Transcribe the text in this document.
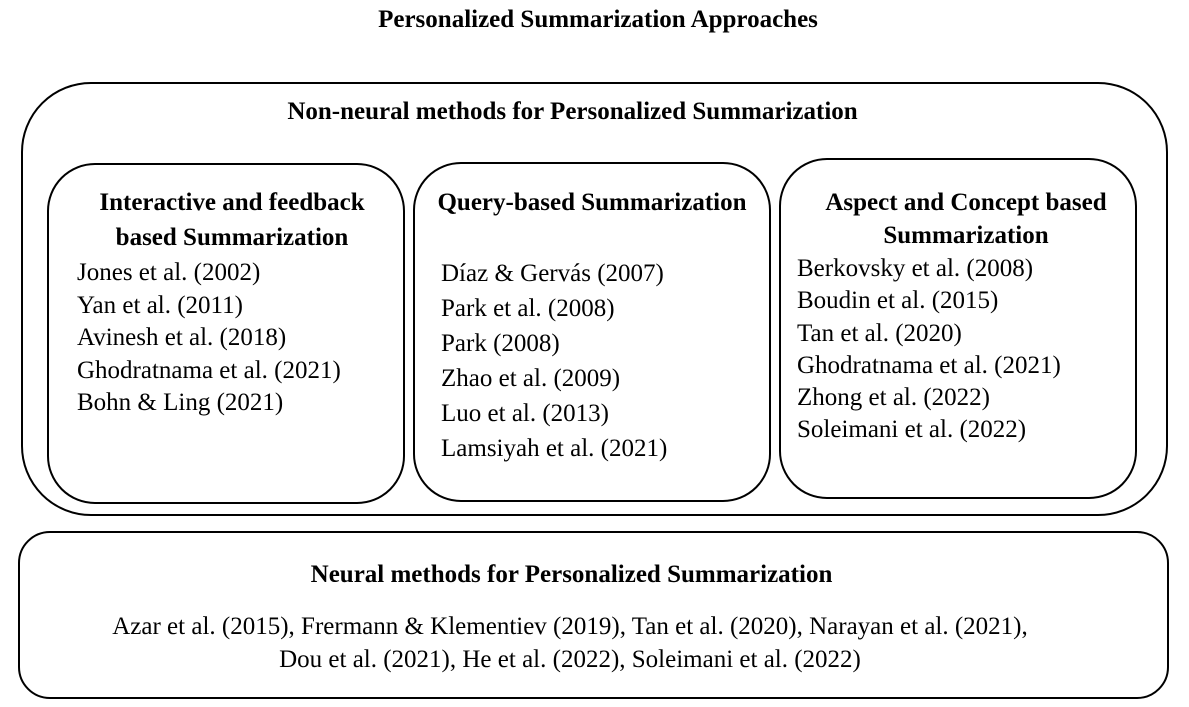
Personalized Summarization Approaches
Non-neural methods for Personalized Summarization
Interactive and feedback based Summarization
Jones et al. (2002)
Yan et al. (2011)
Avinesh et al. (2018)
Ghodratnama et al. (2021)
Bohn & Ling (2021)
Query-based Summarization
Díaz & Gervás (2007)
Park et al. (2008)
Park (2008)
Zhao et al. (2009)
Luo et al. (2013)
Lamsiyah et al. (2021)
Aspect and Concept based Summarization
Berkovsky et al. (2008)
Boudin et al. (2015)
Tan et al. (2020)
Ghodratnama et al. (2021)
Zhong et al. (2022)
Soleimani et al. (2022)
Neural methods for Personalized Summarization
Azar et al. (2015), Frermann & Klementiev (2019), Tan et al. (2020), Narayan et al. (2021),
Dou et al. (2021), He et al. (2022), Soleimani et al. (2022)
